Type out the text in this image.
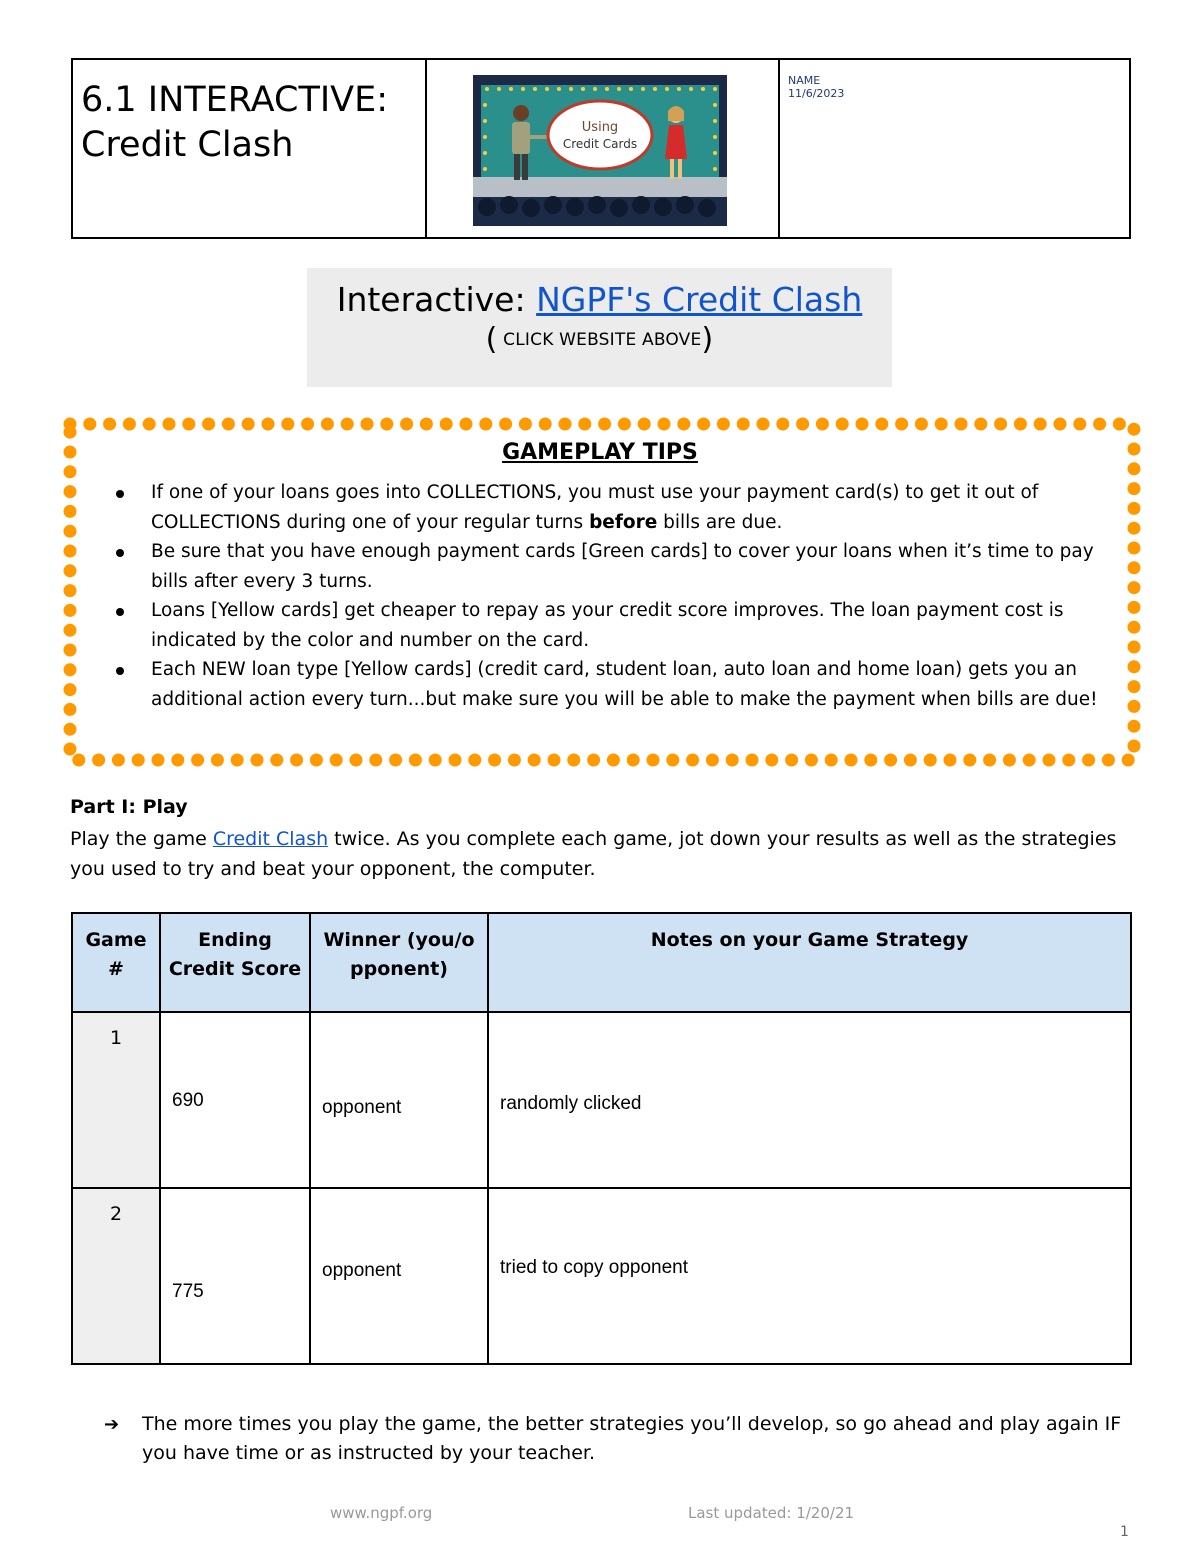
6.1 INTERACTIVE:
Credit Clash	Using
Credit Cards
NAME
11/6/2023
Interactive: NGPF's Credit Clash
( CLICK WEBSITE ABOVE)
GAMEPLAY TIPS
If one of your loans goes into COLLECTIONS, you must use your payment card(s) to get it out of COLLECTIONS during one of your regular turns before bills are due.
Be sure that you have enough payment cards [Green cards] to cover your loans when it’s time to pay bills after every 3 turns.
Loans [Yellow cards] get cheaper to repay as your credit score improves. The loan payment cost is indicated by the color and number on the card.
Each NEW loan type [Yellow cards] (credit card, student loan, auto loan and home loan) gets you an additional action every turn...but make sure you will be able to make the payment when bills are due!
Part I: Play
Play the game Credit Clash twice. As you complete each game, jot down your results as well as the strategies you used to try and beat your opponent, the computer.
Game #	Ending Credit Score	Winner (you/opponent)	Notes on your Game Strategy
1	690	opponent	randomly clicked

2	775	opponent	tried to copy opponent
➔ The more times you play the game, the better strategies you’ll develop, so go ahead and play again IF you have time or as instructed by your teacher.
www.ngpf.org	Last updated: 1/20/21
1
